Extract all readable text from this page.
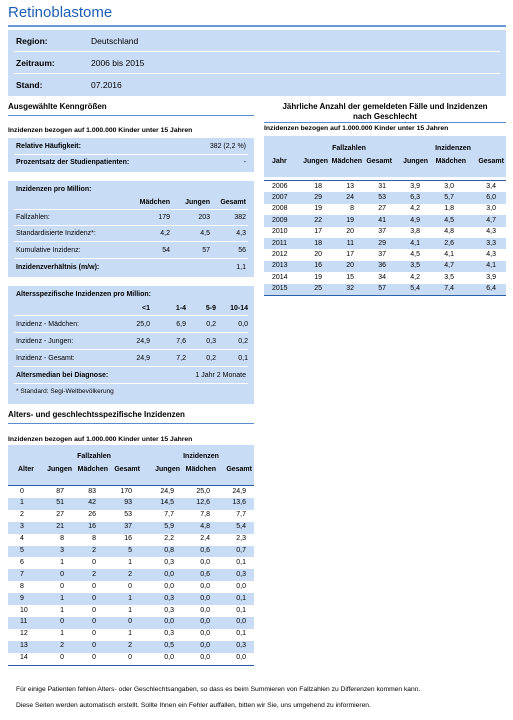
Retinoblastome
Region:	Deutschland
Zeitraum:	2006 bis 2015
Stand:	07.2016
Ausgewählte Kenngrößen
Inzidenzen bezogen auf 1.000.000 Kinder unter 15 Jahren
Relative Häufigkeit:	382 (2,2 %)
Prozentsatz der Studienpatienten:	-
Inzidenzen pro Million:
Mädchen	Jungen	Gesamt
Fallzahlen:	179	203	382
Standardisierte Inzidenz*:	4,2	4,5	4,3
Kumulative Inzidenz:	54	57	56
Inzidenzverhältnis (m/w):	1,1
Altersspezifische Inzidenzen pro Million:
<1	1-4	5-9	10-14
Inzidenz - Mädchen:	25,0	6,9	0,2	0,0
Inzidenz - Jungen:	24,9	7,6	0,3	0,2
Inzidenz - Gesamt:	24,9	7,2	0,2	0,1
Altersmedian bei Diagnose:	1 Jahr 2 Monate
* Standard: Segi-Weltbevölkerung
Jährliche Anzahl der gemeldeten Fälle und Inzidenzen
nach Geschlecht
Inzidenzen bezogen auf 1.000.000 Kinder unter 15 Jahren
Fallzahlen	Inzidenzen
Jahr	Jungen Mädchen Gesamt	Jungen	Mädchen	Gesamt
2006	18	13	31	3,9	3,0	3,4
2007	29	24	53	6,3	5,7	6,0
2008	19	8	27	4,2	1,8	3,0
2009	22	19	41	4,9	4,5	4,7
2010	17	20	37	3,8	4,8	4,3
2011	18	11	29	4,1	2,6	3,3
2012	20	17	37	4,5	4,1	4,3
2013	16	20	36	3,5	4,7	4,1
2014	19	15	34	4,2	3,5	3,9
2015	25	32	57	5,4	7,4	6,4
Alters- und geschlechtsspezifische Inzidenzen
Inzidenzen bezogen auf 1.000.000 Kinder unter 15 Jahren
Fallzahlen	Inzidenzen
Alter	Jungen Mädchen Gesamt	Jungen Mädchen	Gesamt
0	87	83	170	24,9	25,0	24,9
1	51	42	93	14,5	12,6	13,6
2	27	26	53	7,7	7,8	7,7
3	21	16	37	5,9	4,8	5,4
4	8	8	16	2,2	2,4	2,3
5	3	2	5	0,8	0,6	0,7
6	1	0	1	0,3	0,0	0,1
7	0	2	2	0,0	0,6	0,3
8	0	0	0	0,0	0,0	0,0
9	1	0	1	0,3	0,0	0,1
10	1	0	1	0,3	0,0	0,1
11	0	0	0	0,0	0,0	0,0
12	1	0	1	0,3	0,0	0,1
13	2	0	2	0,5	0,0	0,3
14	0	0	0	0,0	0,0	0,0
Für einige Patienten fehlen Alters- oder Geschlechtsangaben, so dass es beim Summieren von Fallzahlen zu Differenzen kommen kann.
Diese Seiten werden automatisch erstellt. Sollte Ihnen ein Fehler auffallen, bitten wir Sie, uns umgehend zu informieren.
